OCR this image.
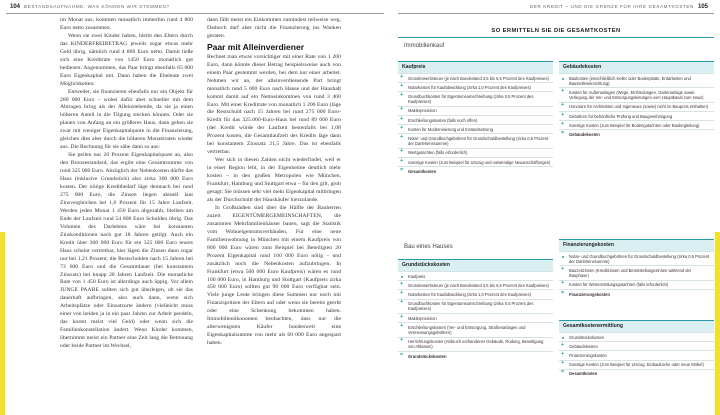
104 BESTANDSAUFNAHME: WAS KÖNNEN WIR STEMMEN?	DER KREDIT – UND DIE GRENZE FÜR IHRE GESAMTKOSTEN 105

im Monat aus, kommen monatlich immerhin rund 4 800 Euro netto zusammen.

Wenn sie zwei Kinder haben, bleibt den Eltern durch das KINDERFREIBETRAG jeweils sogar etwas mehr Geld übrig, nämlich rund 4 860 Euro netto. Damit ließe sich eine Kreditrate von 1450 Euro monatlich gut bedienen. Angenommen, das Paar bringt ebenfalls 65 000 Euro Eigenkapital mit. Dann haben die Eheleute zwei Möglichkeiten:

Entweder, sie finanzieren ebenfalls nur ein Objekt für 280 000 Euro – wobei dafür aber schneller mit dem Abtragen bring als der Alleinstehende, da sie ja einen höheren Anteil in die Tilgung stecken können. Oder sie planen von Anfang an ein größeres Haus, dann gehen sie zwar mit weniger Eigenkapitalquote in die Finanzierung, gleichen dies aber durch die höheren Monatsraten wieder aus. Die Rechnung für sie sähe dann so aus:

Sie peilen nur 20 Prozent Eigenkapitalquote an, also den Bronzestandard, das ergibt eine Gesamtsumme von rund 325 000 Euro. Abzüglich der Nebenkosten dürfte das Haus (inklusive Grundstück) also zirka 300 000 Euro kosten. Der nötige Kreditbedarf läge demnach bei rund 275 000 Euro, die Zinsen liegen aktuell laut Zinsvergleichen bei 1,6 Prozent für 15 Jahre Laufzeit. Werden jeden Monat 1 450 Euro abgezahlt, bleiben am Ende der Laufzeit rund 54 800 Euro Schulden übrig. Das Volumen des Darlehens wäre bei konstanten Zinskonditionen nach gut 18 Jahren getilgt. Auch ein Kredit über 300 000 Euro für ein 325 000 Euro teures Haus scheint vertretbar, hier lägen die Zinsen dann sogar nur bei 1,21 Prozent, die Restschulden nach 15 Jahren bei 73 600 Euro und die Gesamtdauer (bei konstantem Zinssatz) bei knapp 20 Jahren Laufzeit. Die monatliche Rate von 1 450 Euro ist allerdings auch üppig. Vor allem JUNGE PAARE sollten sich gut überlegen, ob sie das dauerhaft aufbringen, also auch dann, wenn sich Arbeitsplätze oder Einsatzorte ändern (vielleicht muss einer von beiden ja in ein paar Jahren zur Arbeit pendeln, das kostet meist viel Geld) oder wenn sich die Familienkonstellation ändert. Wenn Kinder kommen, übernimmt meist ein Partner eine Zeit lang die Betreuung oder beide Partner im Wechsel,

dann fällt meist ein Einkommen zumindest teilweise weg. Dadurch darf aber nicht die Finanzierung ins Wanken geraten.

Paar mit Alleinverdiener

Rechnet man etwas vorsichtiger mit einer Rate von 1 200 Euro, dann könnte dieser Betrag beispielsweise auch von einem Paar gestemmt werden, bei dem nur einer arbeitet. Nehmen wir an, der alleinverdienende Part bringt monatlich rund 5 000 Euro nach Hause und der Haushalt kommt damit auf ein Nettoeinkommen von rund 3 400 Euro. Mit einer Kreditrate von monatlich 1 200 Euro (läge die Restschuld nach 15 Jahren bei rund 275 000 Euro-Kredit für das 325.000-Euro-Haus bei rund 89 600 Euro (der Kredit würde der Laufzeit bestenfalls bei 1,08 Prozent kosten, die Gesamtlaufzeit des Kredits läge dann bei konstantem Zinssatz 21,5 Jahre. Das ist ebenfalls vertretbar.

Wer sich in diesen Zahlen nicht wiederfindet, weil er in einer Region lebt, in der Eigenheime deutlich mehr kosten – in den großen Metropolen wie München, Frankfurt, Hamburg und Stuttgart etwa – für den gilt, grob gesagt: Sie müssen sehr viel mehr Eigenkapital mitbringen als der Durchschnitt der Hauskäufer hierzulande.

In Großstädten sind über die Hälfte der Bauherren zuzeit EIGENTÜMERGEMEINSCHAFTEN, die zusammen Mehrfamilienhäuser bauen, sagt die Statistik vom Wohneigentumsverbänden. Für eine neue Familienwohnung in München mit einem Kaufpreis von 800 000 Euro wären zum Beispiel bei Beteiligten 20 Prozent Eigenkapital rund 160 000 Euro nötig – und zusätzlich noch die Nebenkosten aufzubringen. In Frankfurt (etwa 500 000 Euro Kaufpreis) wären es rund 100 000 Euro, in Hamburg und Stuttgart (Kaufpreis zirka 450 000 Euro) sollten gut 90 000 Euro verfügbar sein. Viele junge Leute bringen diese Summen nur noch mit Finanzspritzen der Eltern auf oder wenn sie bereits geerbt oder eine Schenkung bekommen haben. Immobilienökonomen beobachten, dass nur die allerwenigsten Käufer bundesweit eine Eigenkapitalsumme von mehr als 60 000 Euro angespart haben.

SO ERMITTELN SIE DIE GESAMTKOSTEN
Immobilienkauf
Kaufpreis
+ Grunderwerbsteuer (je nach Bundesland 3,5 bis 6,5 Prozent des Kaufpreises)
+ Notarkosten für Kaufabwicklung (zirka 1,0 Prozent des Kaufpreises)
+ Grundbuchkosten für Eigentumsumschreibung (zirka 0,5 Prozent des Kaufpreises)
+ Maklerprovision
+ Erschließungskosten (falls noch offen)
+ Kosten für Modernisierung und Instandsetzung
+ Notar- und Grundbuchgebühren für Grundschuldbestellung (zirka 0,5 Prozent der Darlehenssumme)
+ Wertgutachten (falls erforderlich)
+ Sonstige Kosten (zum Beispiel für Umzug und notwendige Neuanschaffungen)
= Gesamtkosten
Bau eines Hauses
Grundstückskosten
Kaufpreis
+ Grunderwerbsteuer (je nach Bundesland 3,5 bis 6,5 Prozent des Kaufpreises)
+ Notarkosten für Kaufabwicklung (zirka 1,0 Prozent des Kaufpreises)
+ Grundbuchkosten für Eigentumsumschreibung (zirka 0,5 Prozent des Kaufpreises)
+ Maklerprovision
+ Erschließungskosten (Ver- und Entsorgung, Straßenanlagen und Vermessungsgebühren)
+ Herrichtungskosten (Abbruch vorhandener Gebäude, Rodung, Beseitigung von Altlasten)
= Grundstückskosten
Gebäudekosten
Baukosten (einschließlich Keller oder Bodenplatte, Erdarbeiten und Baustelleneinrichtung)
+ Kosten für Außenanlagen (Wege, Einfriedungen, Gartenanlage sowie Verlegung der Ver- und Entsorgungsleitungen vom Hauptkanal zum Haus)
+ Honorare für Architekten und Ingenieure (sowie) nicht im Baupreis enthalten)
+ Gebühren für behördliche Prüfung und Baugenehmigung
+ Sonstige Kosten (zum Beispiel für Bodengutachten oder Baubegleitung)
= Gebäudekosten
Finanzierungskosten
Notar- und Grundbuchgebühren für Grundschuldbestellung (zirka 0,5 Prozent der Darlehenssumme)
+ Bauzeitzinsen (Kreditzinsen und Bereitstellungszinsen während der Bauphase)
+ Kosten für Wertermittlungsgutachten (falls erforderlich)
= Finanzierungskosten
Gesamtkostenermittlung
Grundstückskosten
+ Gebäudekosten
+ Finanzierungskosten
+ Sonstige Kosten (zum Beispiel für Umzug, Einbauküche oder neue Möbel)
= Gesamtkosten
